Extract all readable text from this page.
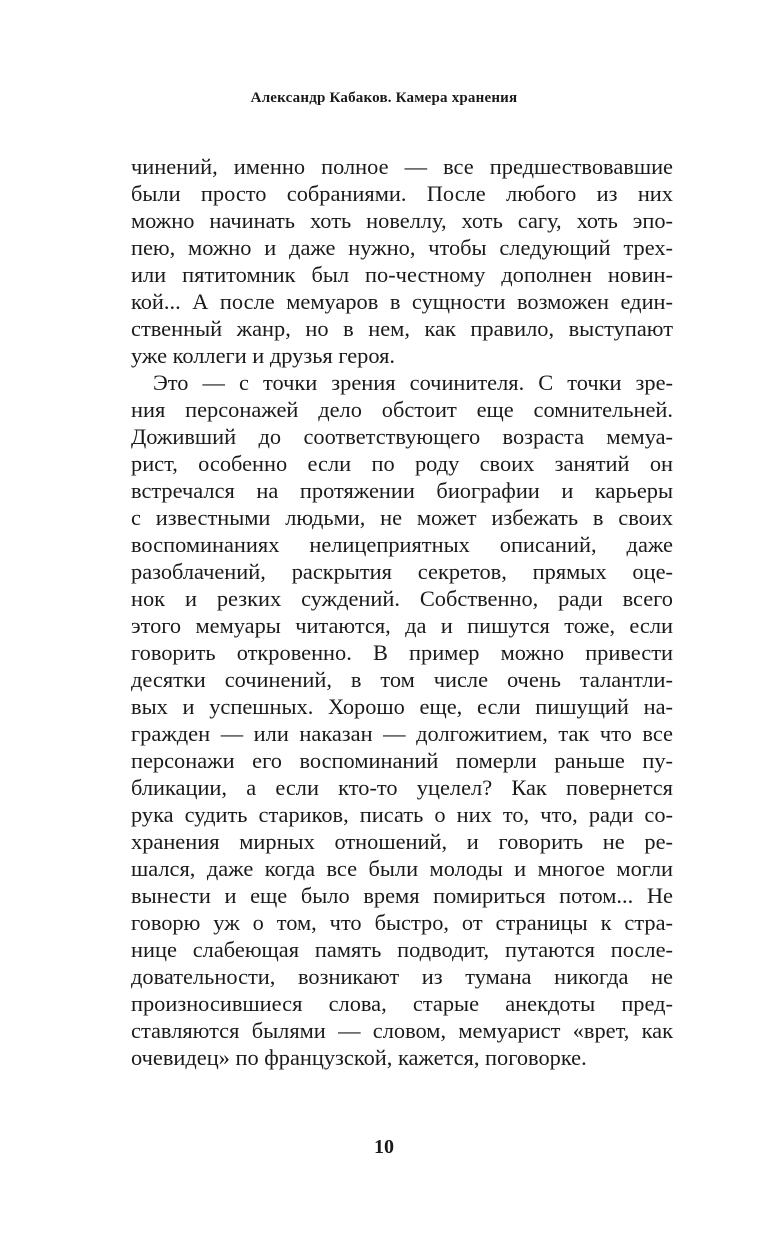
Александр Кабаков. Камера хранения
чинений, именно полное — все предшествовавшие
были просто собраниями. После любого из них
можно начинать хоть новеллу, хоть сагу, хоть эпо-
пею, можно и даже нужно, чтобы следующий трех-
или пятитомник был по-честному дополнен новин-
кой... А после мемуаров в сущности возможен един-
ственный жанр, но в нем, как правило, выступают
уже коллеги и друзья героя.
Это — с точки зрения сочинителя. С точки зре-
ния персонажей дело обстоит еще сомнительней.
Доживший до соответствующего возраста мемуа-
рист, особенно если по роду своих занятий он
встречался на протяжении биографии и карьеры
с известными людьми, не может избежать в своих
воспоминаниях нелицеприятных описаний, даже
разоблачений, раскрытия секретов, прямых оце-
нок и резких суждений. Собственно, ради всего
этого мемуары читаются, да и пишутся тоже, если
говорить откровенно. В пример можно привести
десятки сочинений, в том числе очень талантли-
вых и успешных. Хорошо еще, если пишущий на-
гражден — или наказан — долгожитием, так что все
персонажи его воспоминаний померли раньше пу-
бликации, а если кто-то уцелел? Как повернется
рука судить стариков, писать о них то, что, ради со-
хранения мирных отношений, и говорить не ре-
шался, даже когда все были молоды и многое могли
вынести и еще было время помириться потом... Не
говорю уж о том, что быстро, от страницы к стра-
нице слабеющая память подводит, путаются после-
довательности, возникают из тумана никогда не
произносившиеся слова, старые анекдоты пред-
ставляются былями — словом, мемуарист «врет, как
очевидец» по французской, кажется, поговорке.
10
